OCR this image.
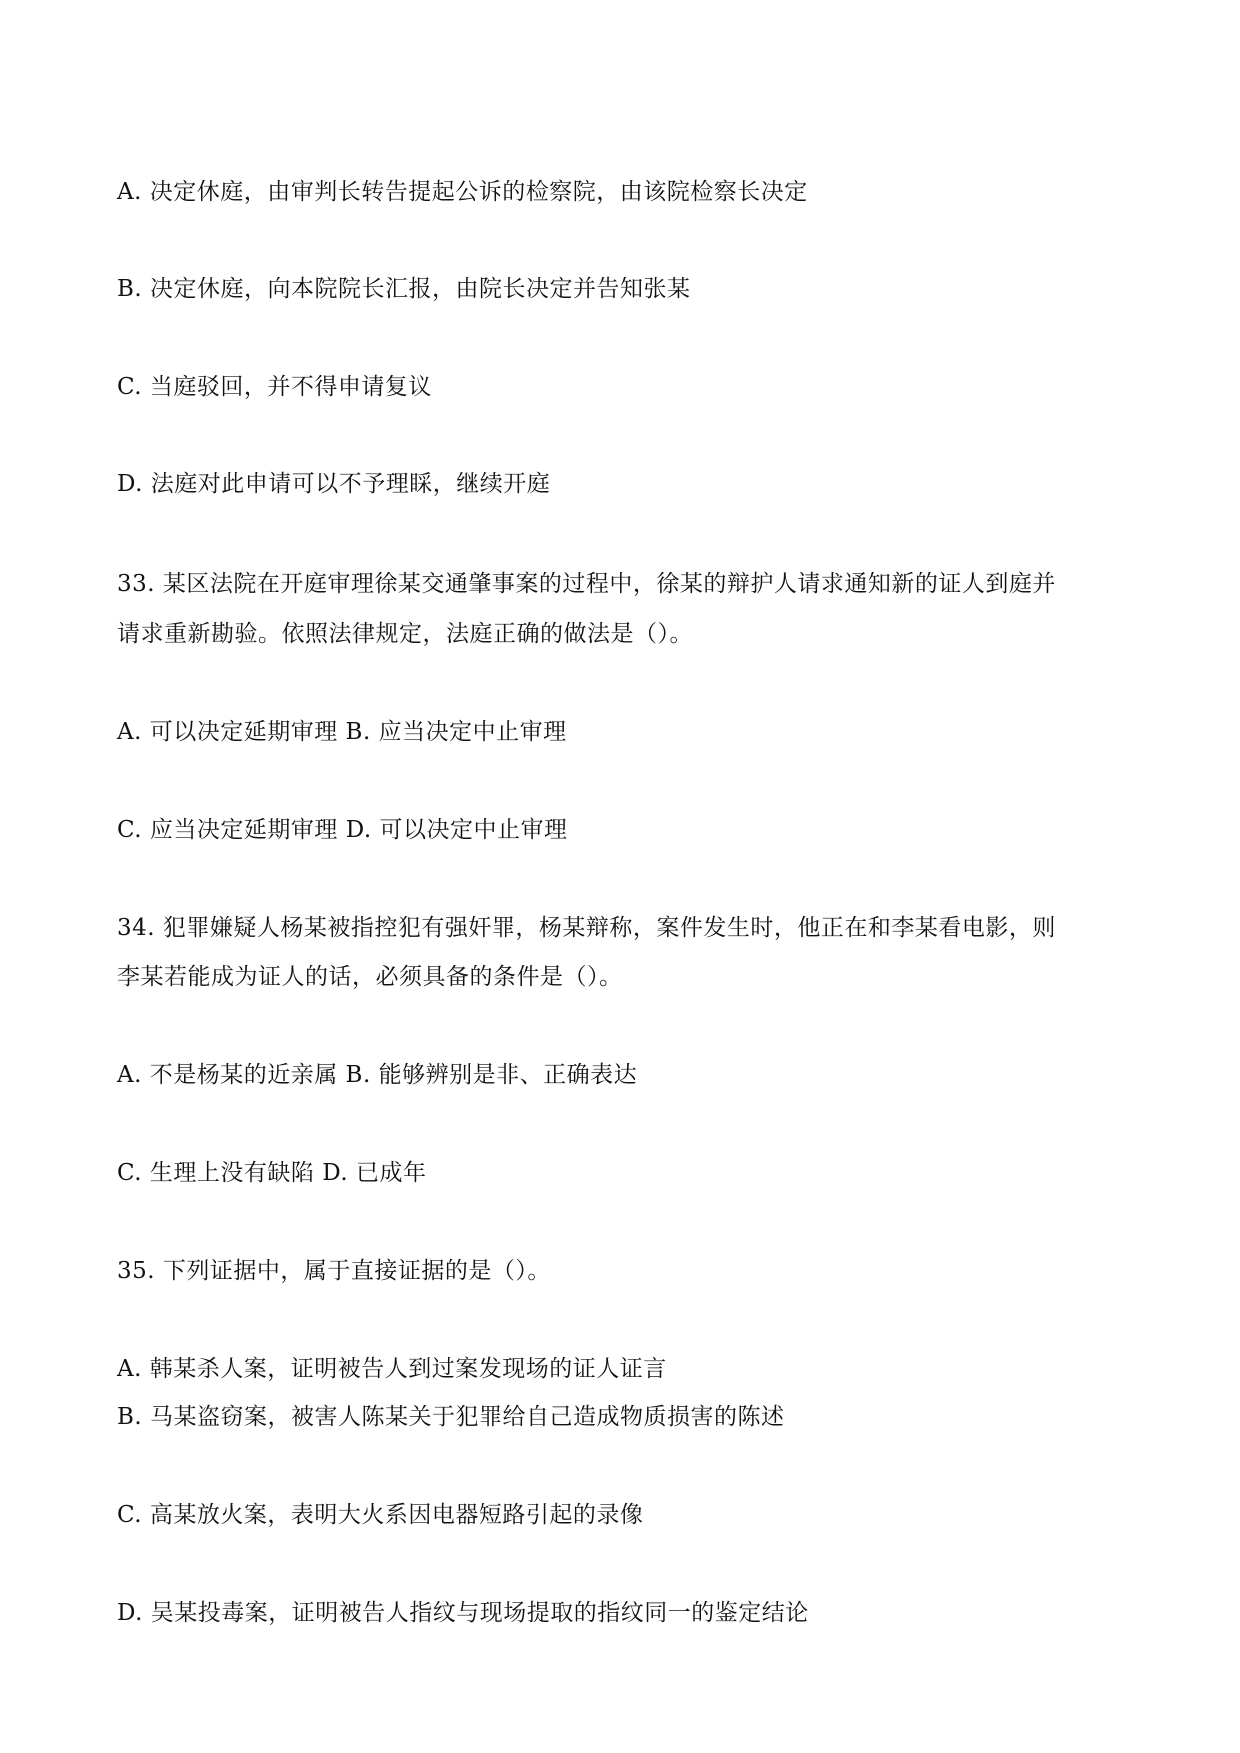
A. 决定休庭，由审判长转告提起公诉的检察院，由该院检察长决定
B. 决定休庭，向本院院长汇报，由院长决定并告知张某
C. 当庭驳回，并不得申请复议
D. 法庭对此申请可以不予理睬，继续开庭
33. 某区法院在开庭审理徐某交通肇事案的过程中，徐某的辩护人请求通知新的证人到庭并
请求重新勘验。依照法律规定，法庭正确的做法是（）。
A. 可以决定延期审理 B. 应当决定中止审理
C. 应当决定延期审理 D. 可以决定中止审理
34. 犯罪嫌疑人杨某被指控犯有强奸罪，杨某辩称，案件发生时，他正在和李某看电影，则
李某若能成为证人的话，必须具备的条件是（）。
A. 不是杨某的近亲属 B. 能够辨别是非、正确表达
C. 生理上没有缺陷 D. 已成年
35. 下列证据中，属于直接证据的是（）。
A. 韩某杀人案，证明被告人到过案发现场的证人证言
B. 马某盗窃案，被害人陈某关于犯罪给自己造成物质损害的陈述
C. 高某放火案，表明大火系因电器短路引起的录像
D. 吴某投毒案，证明被告人指纹与现场提取的指纹同一的鉴定结论
